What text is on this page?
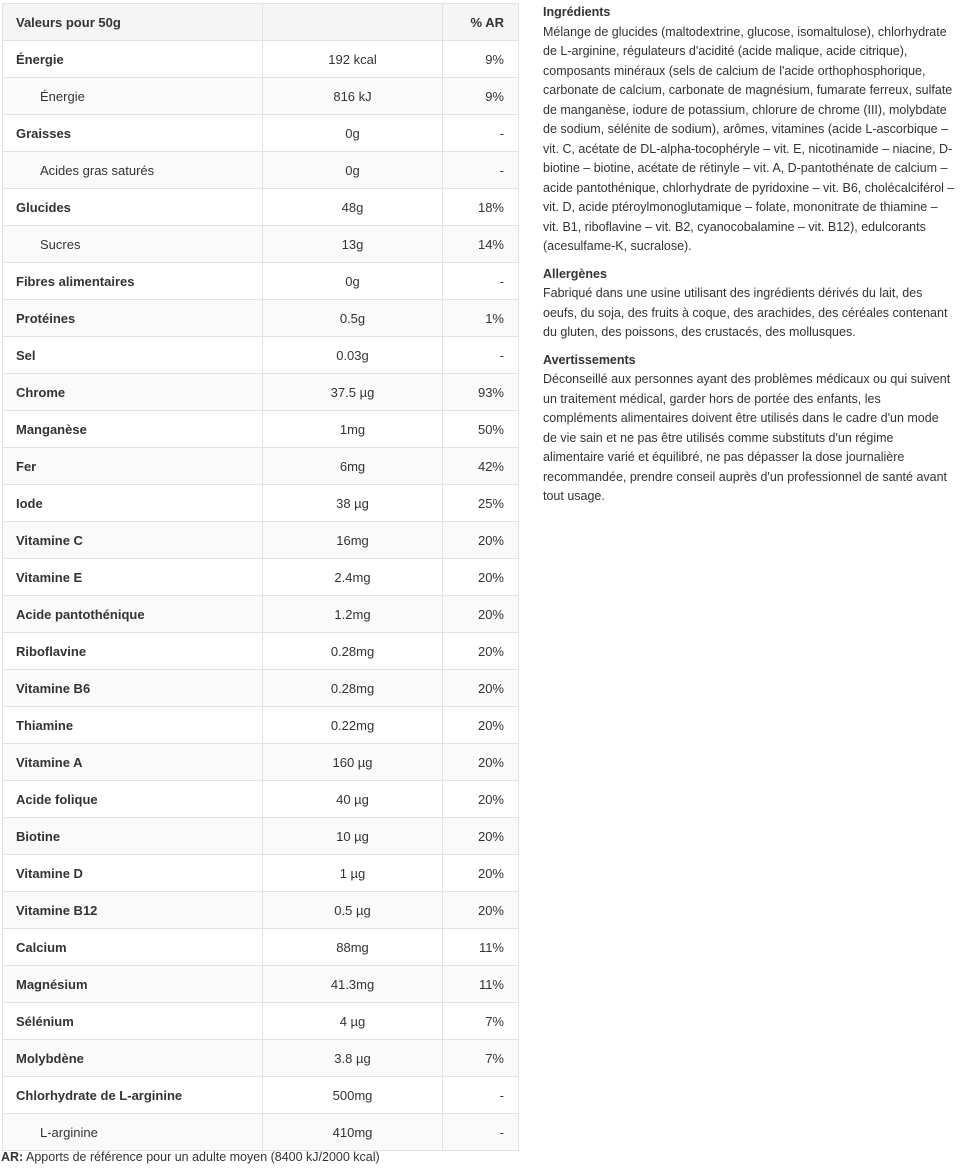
Valeurs pour 50g		% AR
Énergie	192 kcal	9%
Énergie	816 kJ	9%
Graisses	0g	-
Acides gras saturés	0g	-
Glucides	48g	18%
Sucres	13g	14%
Fibres alimentaires	0g	-
Protéines	0.5g	1%
Sel	0.03g	-
Chrome	37.5 µg	93%
Manganèse	1mg	50%
Fer	6mg	42%
Iode	38 µg	25%
Vitamine C	16mg	20%
Vitamine E	2.4mg	20%
Acide pantothénique	1.2mg	20%
Riboflavine	0.28mg	20%
Vitamine B6	0.28mg	20%
Thiamine	0.22mg	20%
Vitamine A	160 µg	20%
Acide folique	40 µg	20%
Biotine	10 µg	20%
Vitamine D	1 µg	20%
Vitamine B12	0.5 µg	20%
Calcium	88mg	11%
Magnésium	41.3mg	11%
Sélénium	4 µg	7%
Molybdène	3.8 µg	7%
Chlorhydrate de L-arginine	500mg	-
L-arginine	410mg	-

Ingrédients

Mélange de glucides (maltodextrine, glucose, isomaltulose), chlorhydrate de L-arginine, régulateurs d'acidité (acide malique, acide citrique), composants minéraux (sels de calcium de l'acide orthophosphorique, carbonate de calcium, carbonate de magnésium, fumarate ferreux, sulfate de manganèse, iodure de potassium, chlorure de chrome (III), molybdate de sodium, sélénite de sodium), arômes, vitamines (acide L-ascorbique – vit. C, acétate de DL-alpha-tocophéryle – vit. E, nicotinamide – niacine, D-biotine – biotine, acétate de rétinyle – vit. A, D-pantothénate de calcium – acide pantothénique, chlorhydrate de pyridoxine – vit. B6, cholécalciférol – vit. D, acide ptéroylmonoglutamique – folate, mononitrate de thiamine – vit. B1, riboflavine – vit. B2, cyanocobalamine – vit. B12), edulcorants (acesulfame-K, sucralose).

Allergènes

Fabriqué dans une usine utilisant des ingrédients dérivés du lait, des oeufs, du soja, des fruits à coque, des arachides, des céréales contenant du gluten, des poissons, des crustacés, des mollusques.

Avertissements

Déconseillé aux personnes ayant des problèmes médicaux ou qui suivent un traitement médical, garder hors de portée des enfants, les compléments alimentaires doivent être utilisés dans le cadre d'un mode de vie sain et ne pas être utilisés comme substituts d'un régime alimentaire varié et équilibré, ne pas dépasser la dose journalière recommandée, prendre conseil auprès d'un professionnel de santé avant tout usage.

AR: Apports de référence pour un adulte moyen (8400 kJ/2000 kcal)
